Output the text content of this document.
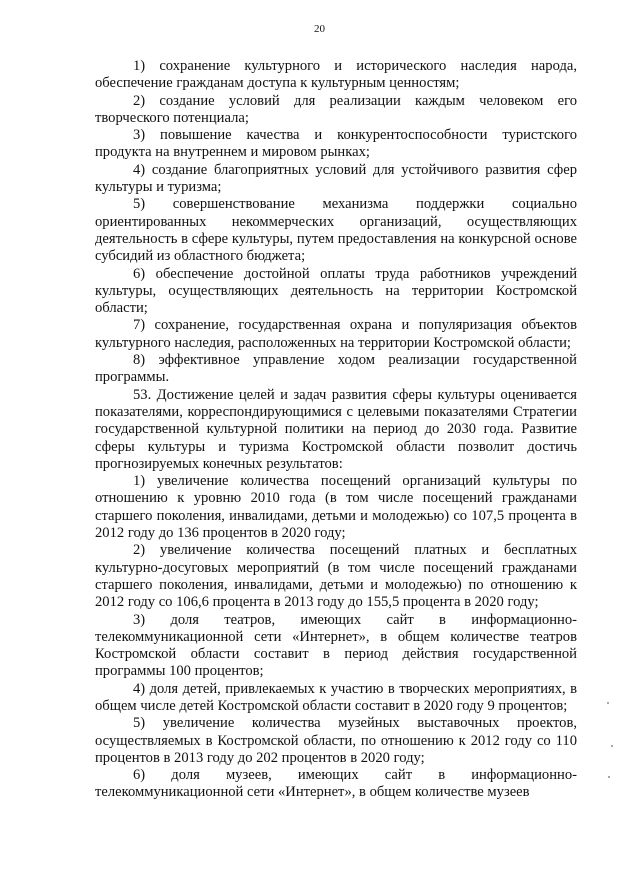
20

1) сохранение культурного и исторического наследия народа, обеспечение гражданам доступа к культурным ценностям;

2) создание условий для реализации каждым человеком его творческого потенциала;

3) повышение качества и конкурентоспособности туристского продукта на внутреннем и мировом рынках;

4) создание благоприятных условий для устойчивого развития сфер культуры и туризма;

5) совершенствование механизма поддержки социально ориентированных некоммерческих организаций, осуществляющих деятельность в сфере культуры, путем предоставления на конкурсной основе субсидий из областного бюджета;

6) обеспечение достойной оплаты труда работников учреждений культуры, осуществляющих деятельность на территории Костромской области;

7) сохранение, государственная охрана и популяризация объектов культурного наследия, расположенных на территории Костромской области;

8) эффективное управление ходом реализации государственной программы.

53. Достижение целей и задач развития сферы культуры оценивается показателями, корреспондирующимися с целевыми показателями Стратегии государственной культурной политики на период до 2030 года. Развитие сферы культуры и туризма Костромской области позволит достичь прогнозируемых конечных результатов:

1) увеличение количества посещений организаций культуры по отношению к уровню 2010 года (в том числе посещений гражданами старшего поколения, инвалидами, детьми и молодежью) со 107,5 процента в 2012 году до 136 процентов в 2020 году;

2) увеличение количества посещений платных и бесплатных культурно-досуговых мероприятий (в том числе посещений гражданами старшего поколения, инвалидами, детьми и молодежью) по отношению к 2012 году со 106,6 процента в 2013 году до 155,5 процента в 2020 году;

3) доля театров, имеющих сайт в информационно-телекоммуникационной сети «Интернет», в общем количестве театров Костромской области составит в период действия государственной программы 100 процентов;

4) доля детей, привлекаемых к участию в творческих мероприятиях, в общем числе детей Костромской области составит в 2020 году 9 процентов;

5) увеличение количества музейных выставочных проектов, осуществляемых в Костромской области, по отношению к 2012 году со 110 процентов в 2013 году до 202 процентов в 2020 году;

6) доля музеев, имеющих сайт в информационно-телекоммуникационной сети «Интернет», в общем количестве музеев
